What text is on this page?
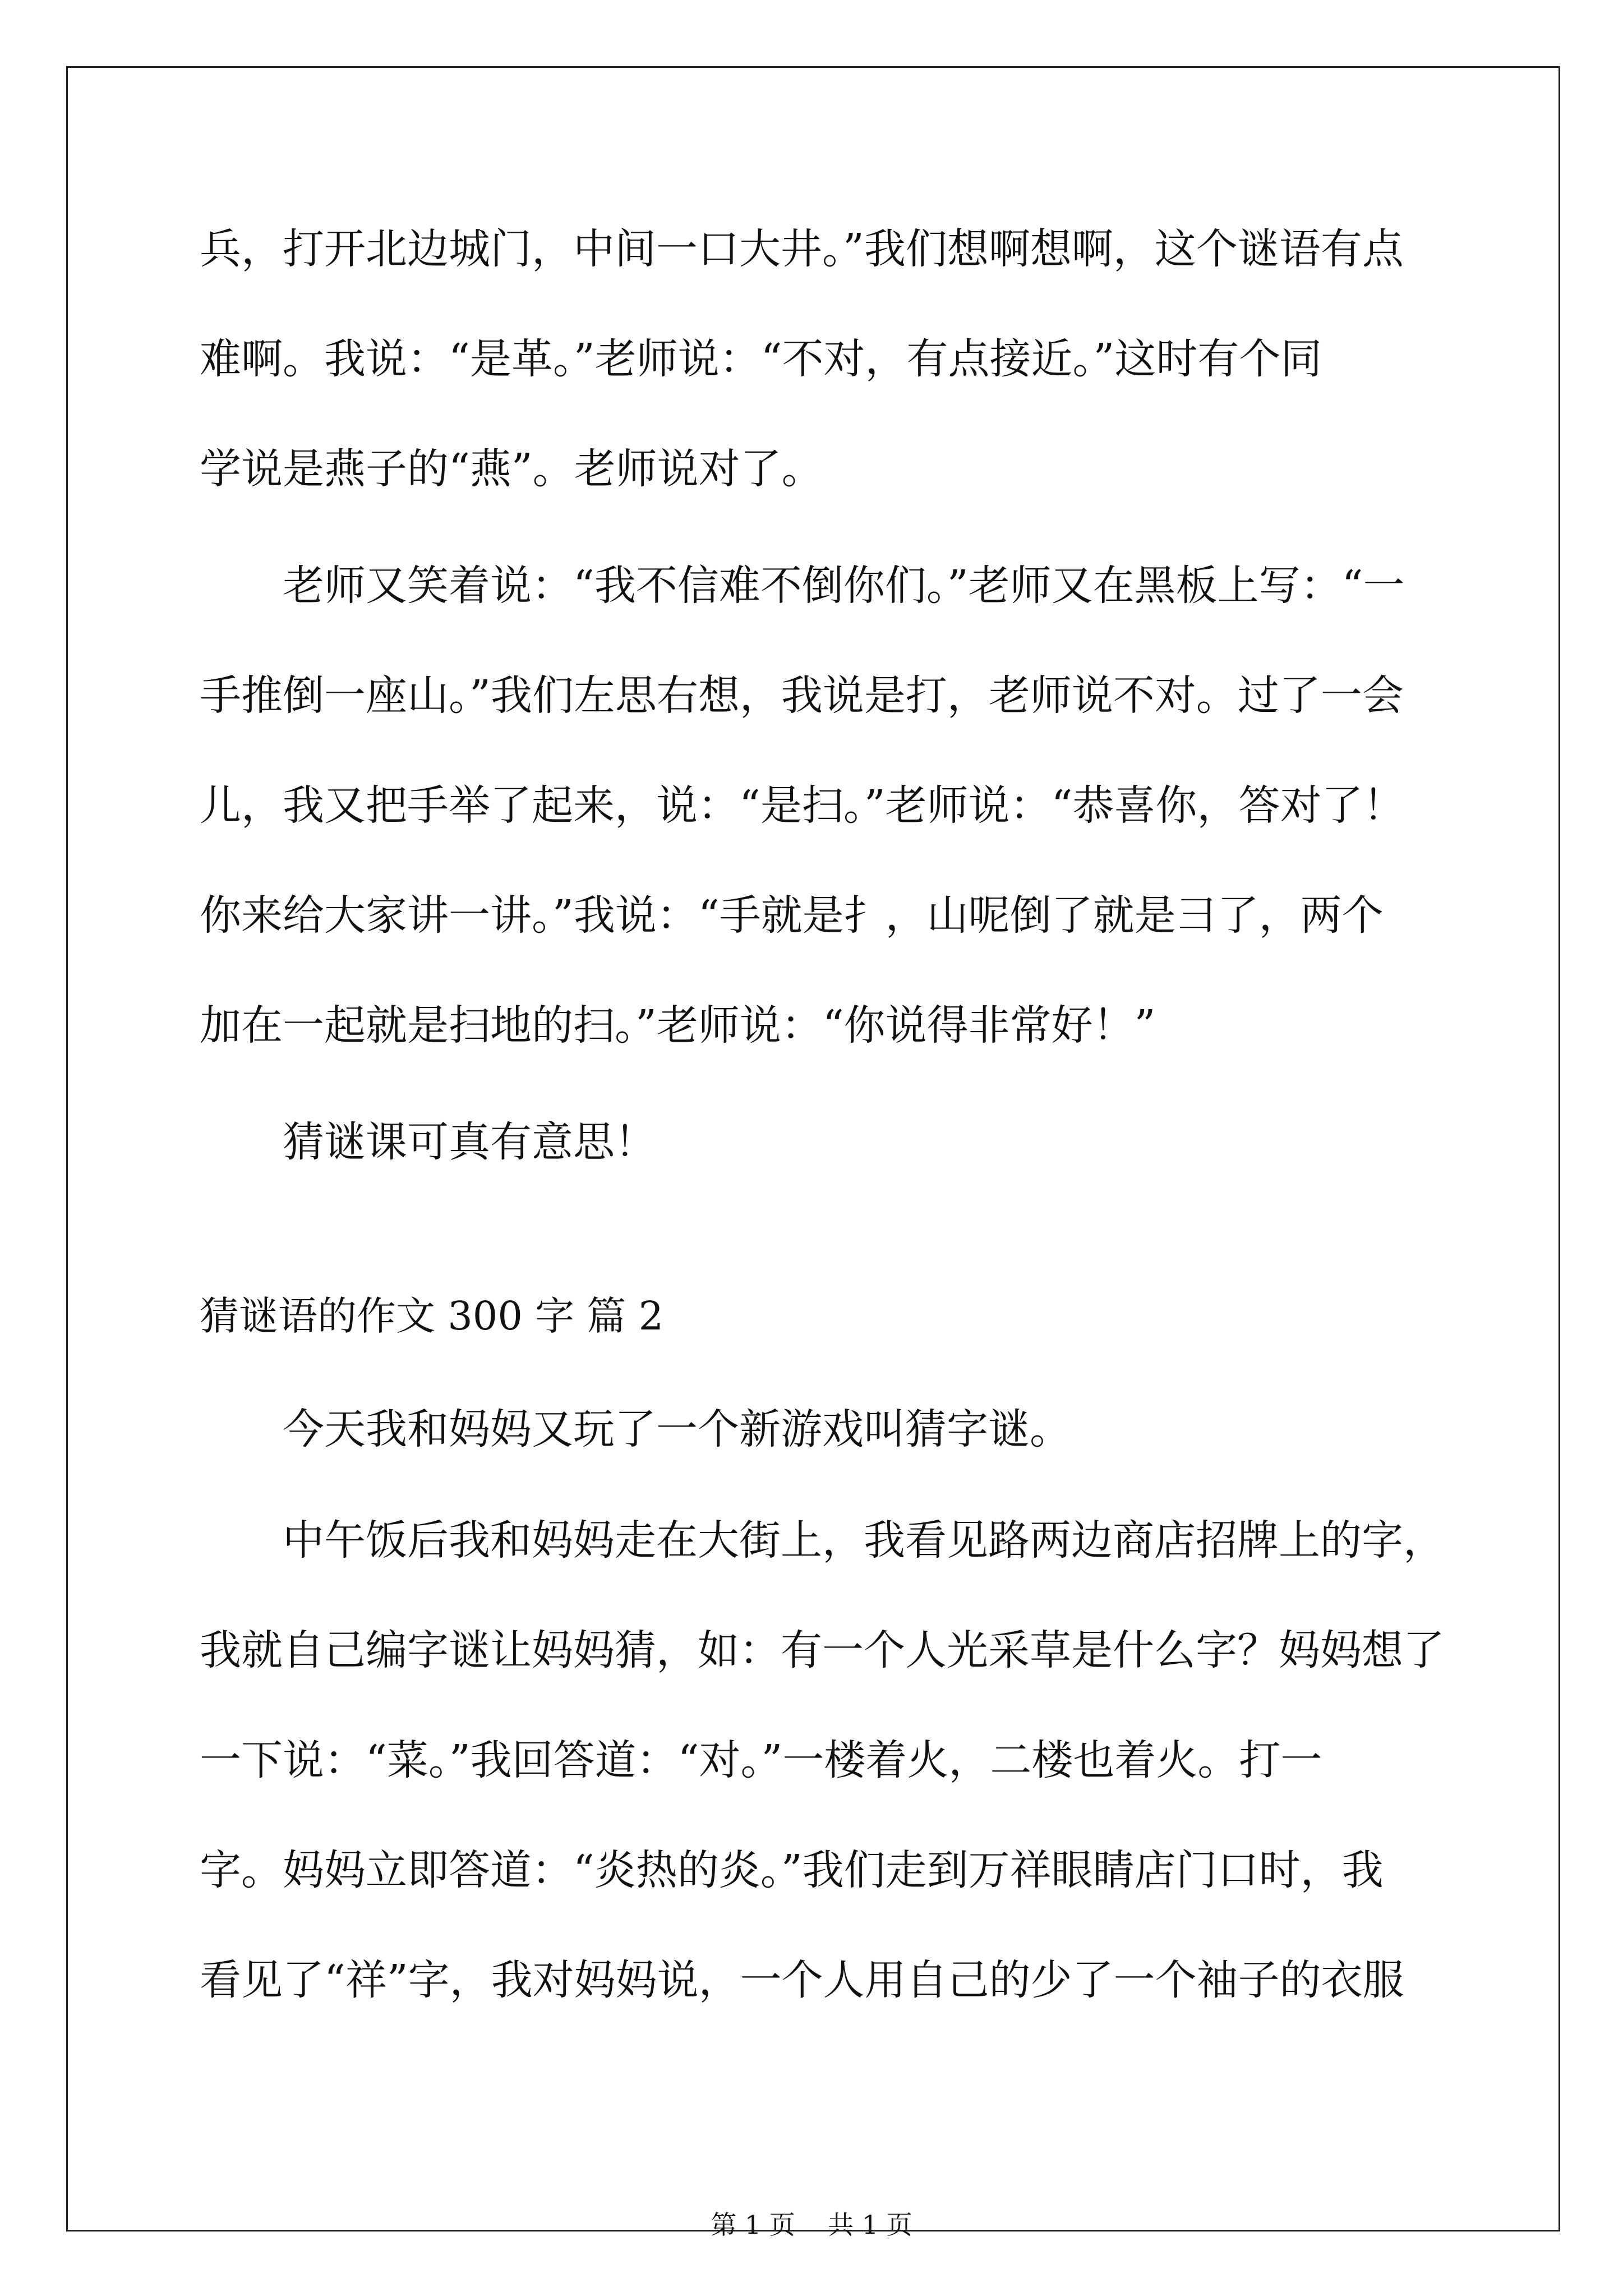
兵，打开北边城门，中间一口大井。”我们想啊想啊，这个谜语有点
难啊。我说：“是革。”老师说：“不对，有点接近。”这时有个同
学说是燕子的“燕”。老师说对了。
老师又笑着说：“我不信难不倒你们。”老师又在黑板上写：“一
手推倒一座山。”我们左思右想，我说是打，老师说不对。过了一会
儿，我又把手举了起来，说：“是扫。”老师说：“恭喜你，答对了！
你来给大家讲一讲。”我说：“手就是扌，山呢倒了就是彐了，两个
加在一起就是扫地的扫。”老师说：“你说得非常好！”
猜谜课可真有意思！
猜谜语的作文 300 字 篇 2
今天我和妈妈又玩了一个新游戏叫猜字谜。
中午饭后我和妈妈走在大街上，我看见路两边商店招牌上的字，
我就自己编字谜让妈妈猜，如：有一个人光采草是什么字？妈妈想了
一下说：“菜。”我回答道：“对。”一楼着火，二楼也着火。打一
字。妈妈立即答道：“炎热的炎。”我们走到万祥眼睛店门口时，我
看见了“祥”字，我对妈妈说，一个人用自己的少了一个袖子的衣服
第 1 页    共 1 页
